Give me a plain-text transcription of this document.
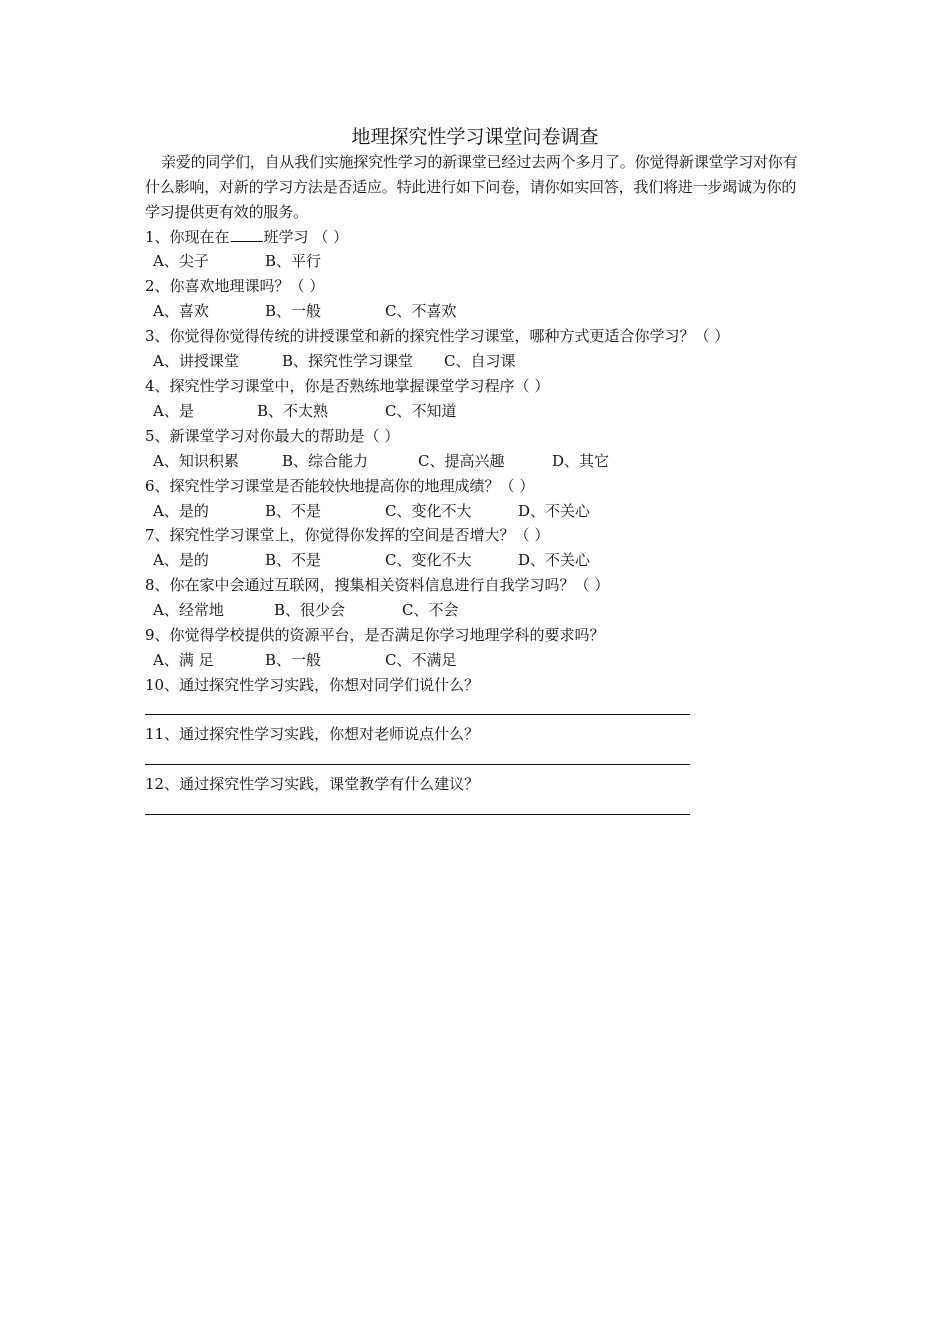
地理探究性学习课堂问卷调查
亲爱的同学们，自从我们实施探究性学习的新课堂已经过去两个多月了。你觉得新课堂学习对你有什么影响，对新的学习方法是否适应。特此进行如下问卷，请你如实回答，我们将进一步竭诚为你的学习提供更有效的服务。
1、你现在在 班学习 （ ）
A、尖子	B、平行
2、你喜欢地理课吗？（ ）
A、喜欢	B、一般	C、不喜欢
3、你觉得你觉得传统的讲授课堂和新的探究性学习课堂，哪种方式更适合你学习？（ ）
A、讲授课堂	B、探究性学习课堂 C、自习课
4、探究性学习课堂中，你是否熟练地掌握课堂学习程序（ ）
A、是	B、不太熟	C、不知道
5、新课堂学习对你最大的帮助是（ ）
A、知识积累	B、综合能力	C、提高兴趣	D、其它
6、探究性学习课堂是否能较快地提高你的地理成绩？（ ）
A、是的	B、不是	C、变化不大	D、不关心
7、探究性学习课堂上，你觉得你发挥的空间是否增大？（ ）
A、是的	B、不是	C、变化不大	D、不关心
8、你在家中会通过互联网，搜集相关资料信息进行自我学习吗？（ ）
A、经常地	B、很少会	C、不会
9、你觉得学校提供的资源平台，是否满足你学习地理学科的要求吗？
A、满 足	B、一般	C、不满足
10、通过探究性学习实践，你想对同学们说什么？
11、通过探究性学习实践，你想对老师说点什么？
12、通过探究性学习实践，课堂教学有什么建议？
